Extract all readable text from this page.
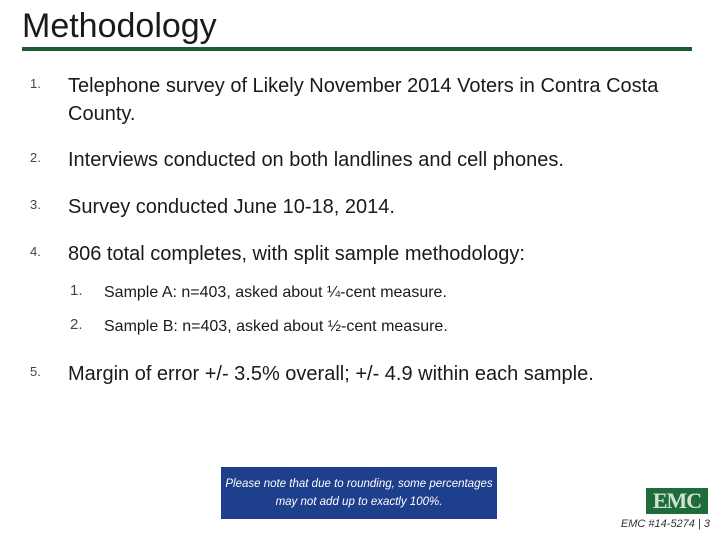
Methodology
1. Telephone survey of Likely November 2014 Voters in Contra Costa County.
2. Interviews conducted on both landlines and cell phones.
3. Survey conducted June 10-18, 2014.
4. 806 total completes, with split sample methodology:
1. Sample A: n=403, asked about ¼-cent measure.
2. Sample B: n=403, asked about ½-cent measure.
5. Margin of error +/- 3.5% overall; +/- 4.9 within each sample.
Please note that due to rounding, some percentages may not add up to exactly 100%.	EMC
EMC #14-5274 | 3
